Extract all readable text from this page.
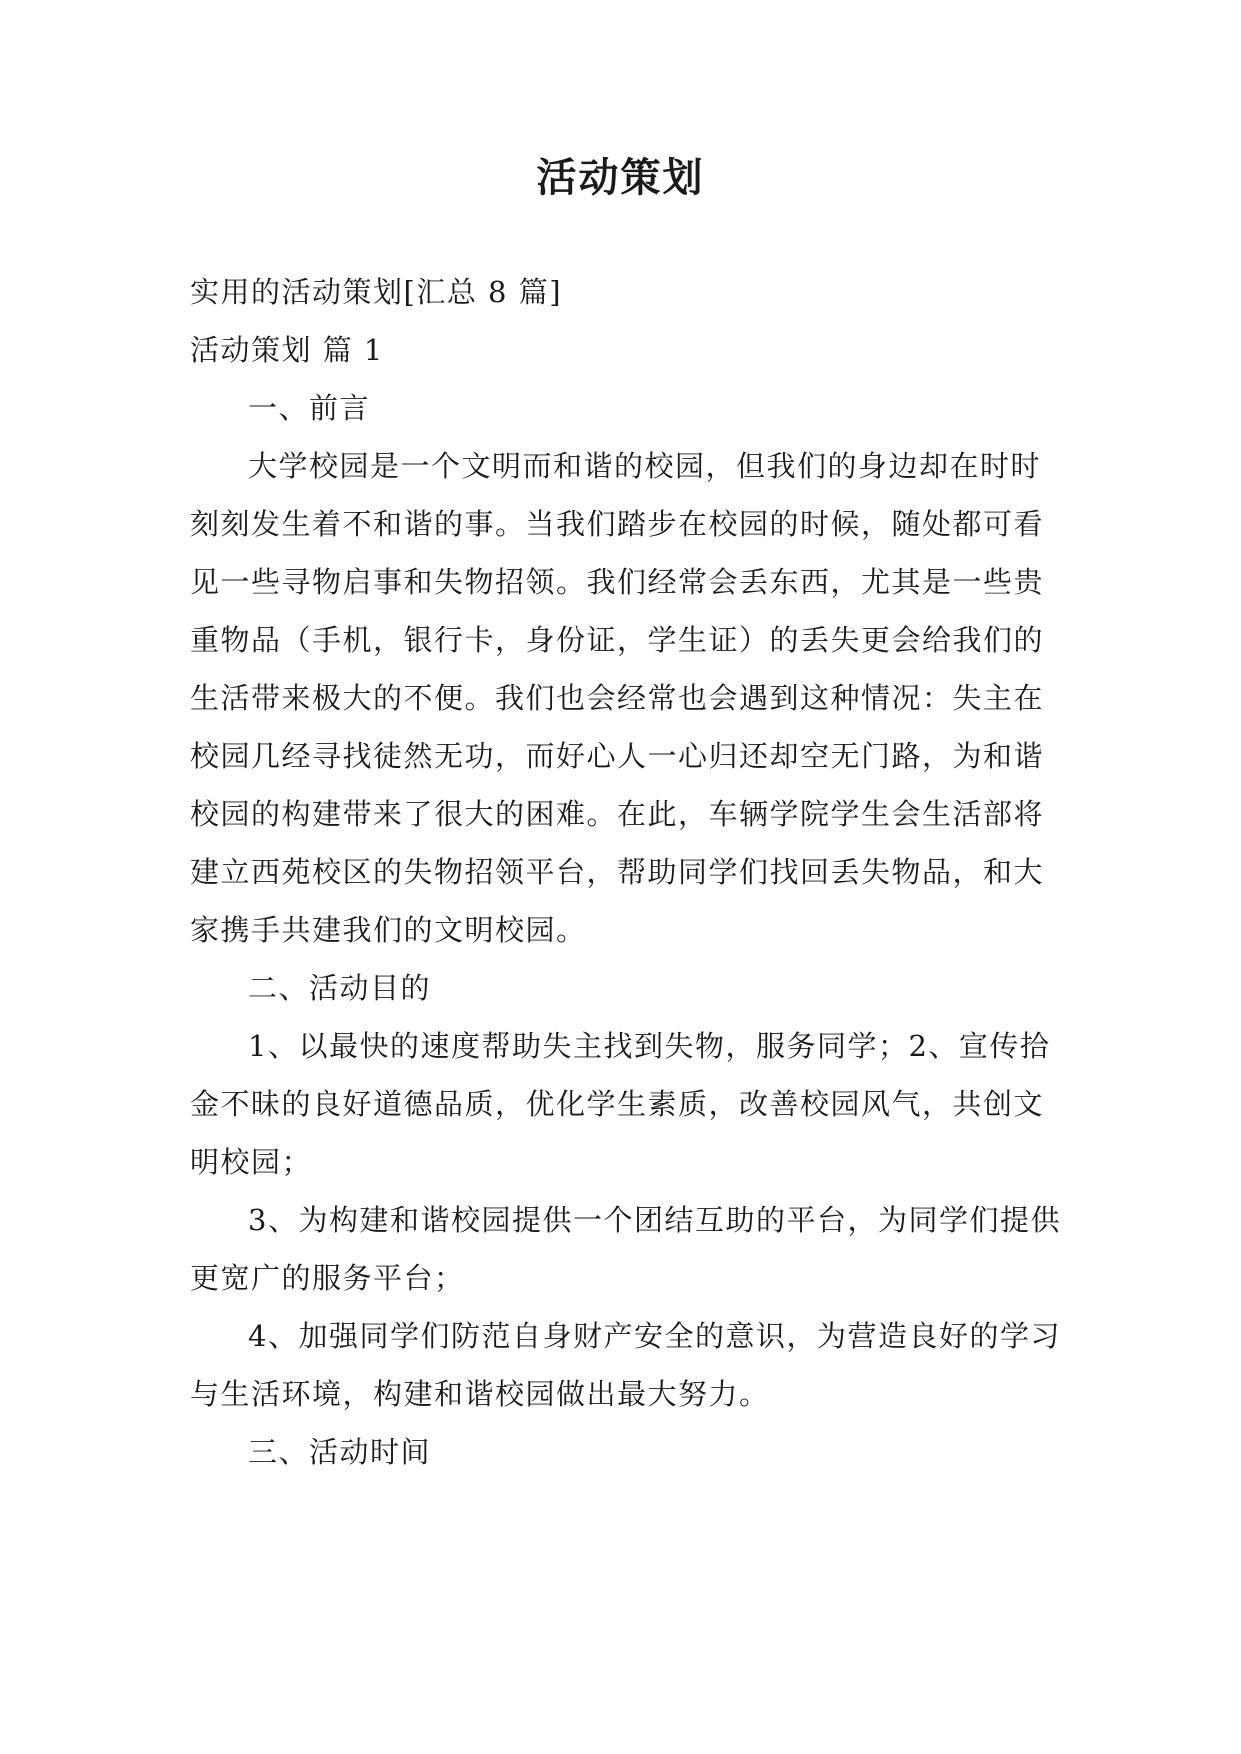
活动策划

实用的活动策划[汇总 8 篇]

活动策划 篇 1

一、前言

大学校园是一个文明而和谐的校园，但我们的身边却在时时刻刻发生着不和谐的事。当我们踏步在校园的时候，随处都可看见一些寻物启事和失物招领。我们经常会丢东西，尤其是一些贵重物品（手机，银行卡，身份证，学生证）的丢失更会给我们的生活带来极大的不便。我们也会经常也会遇到这种情况：失主在校园几经寻找徒然无功，而好心人一心归还却空无门路，为和谐校园的构建带来了很大的困难。在此，车辆学院学生会生活部将建立西苑校区的失物招领平台，帮助同学们找回丢失物品，和大家携手共建我们的文明校园。

二、活动目的

1、以最快的速度帮助失主找到失物，服务同学；2、宣传拾金不昧的良好道德品质，优化学生素质，改善校园风气，共创文明校园；

3、为构建和谐校园提供一个团结互助的平台，为同学们提供更宽广的服务平台；

4、加强同学们防范自身财产安全的意识，为营造良好的学习与生活环境，构建和谐校园做出最大努力。

三、活动时间
